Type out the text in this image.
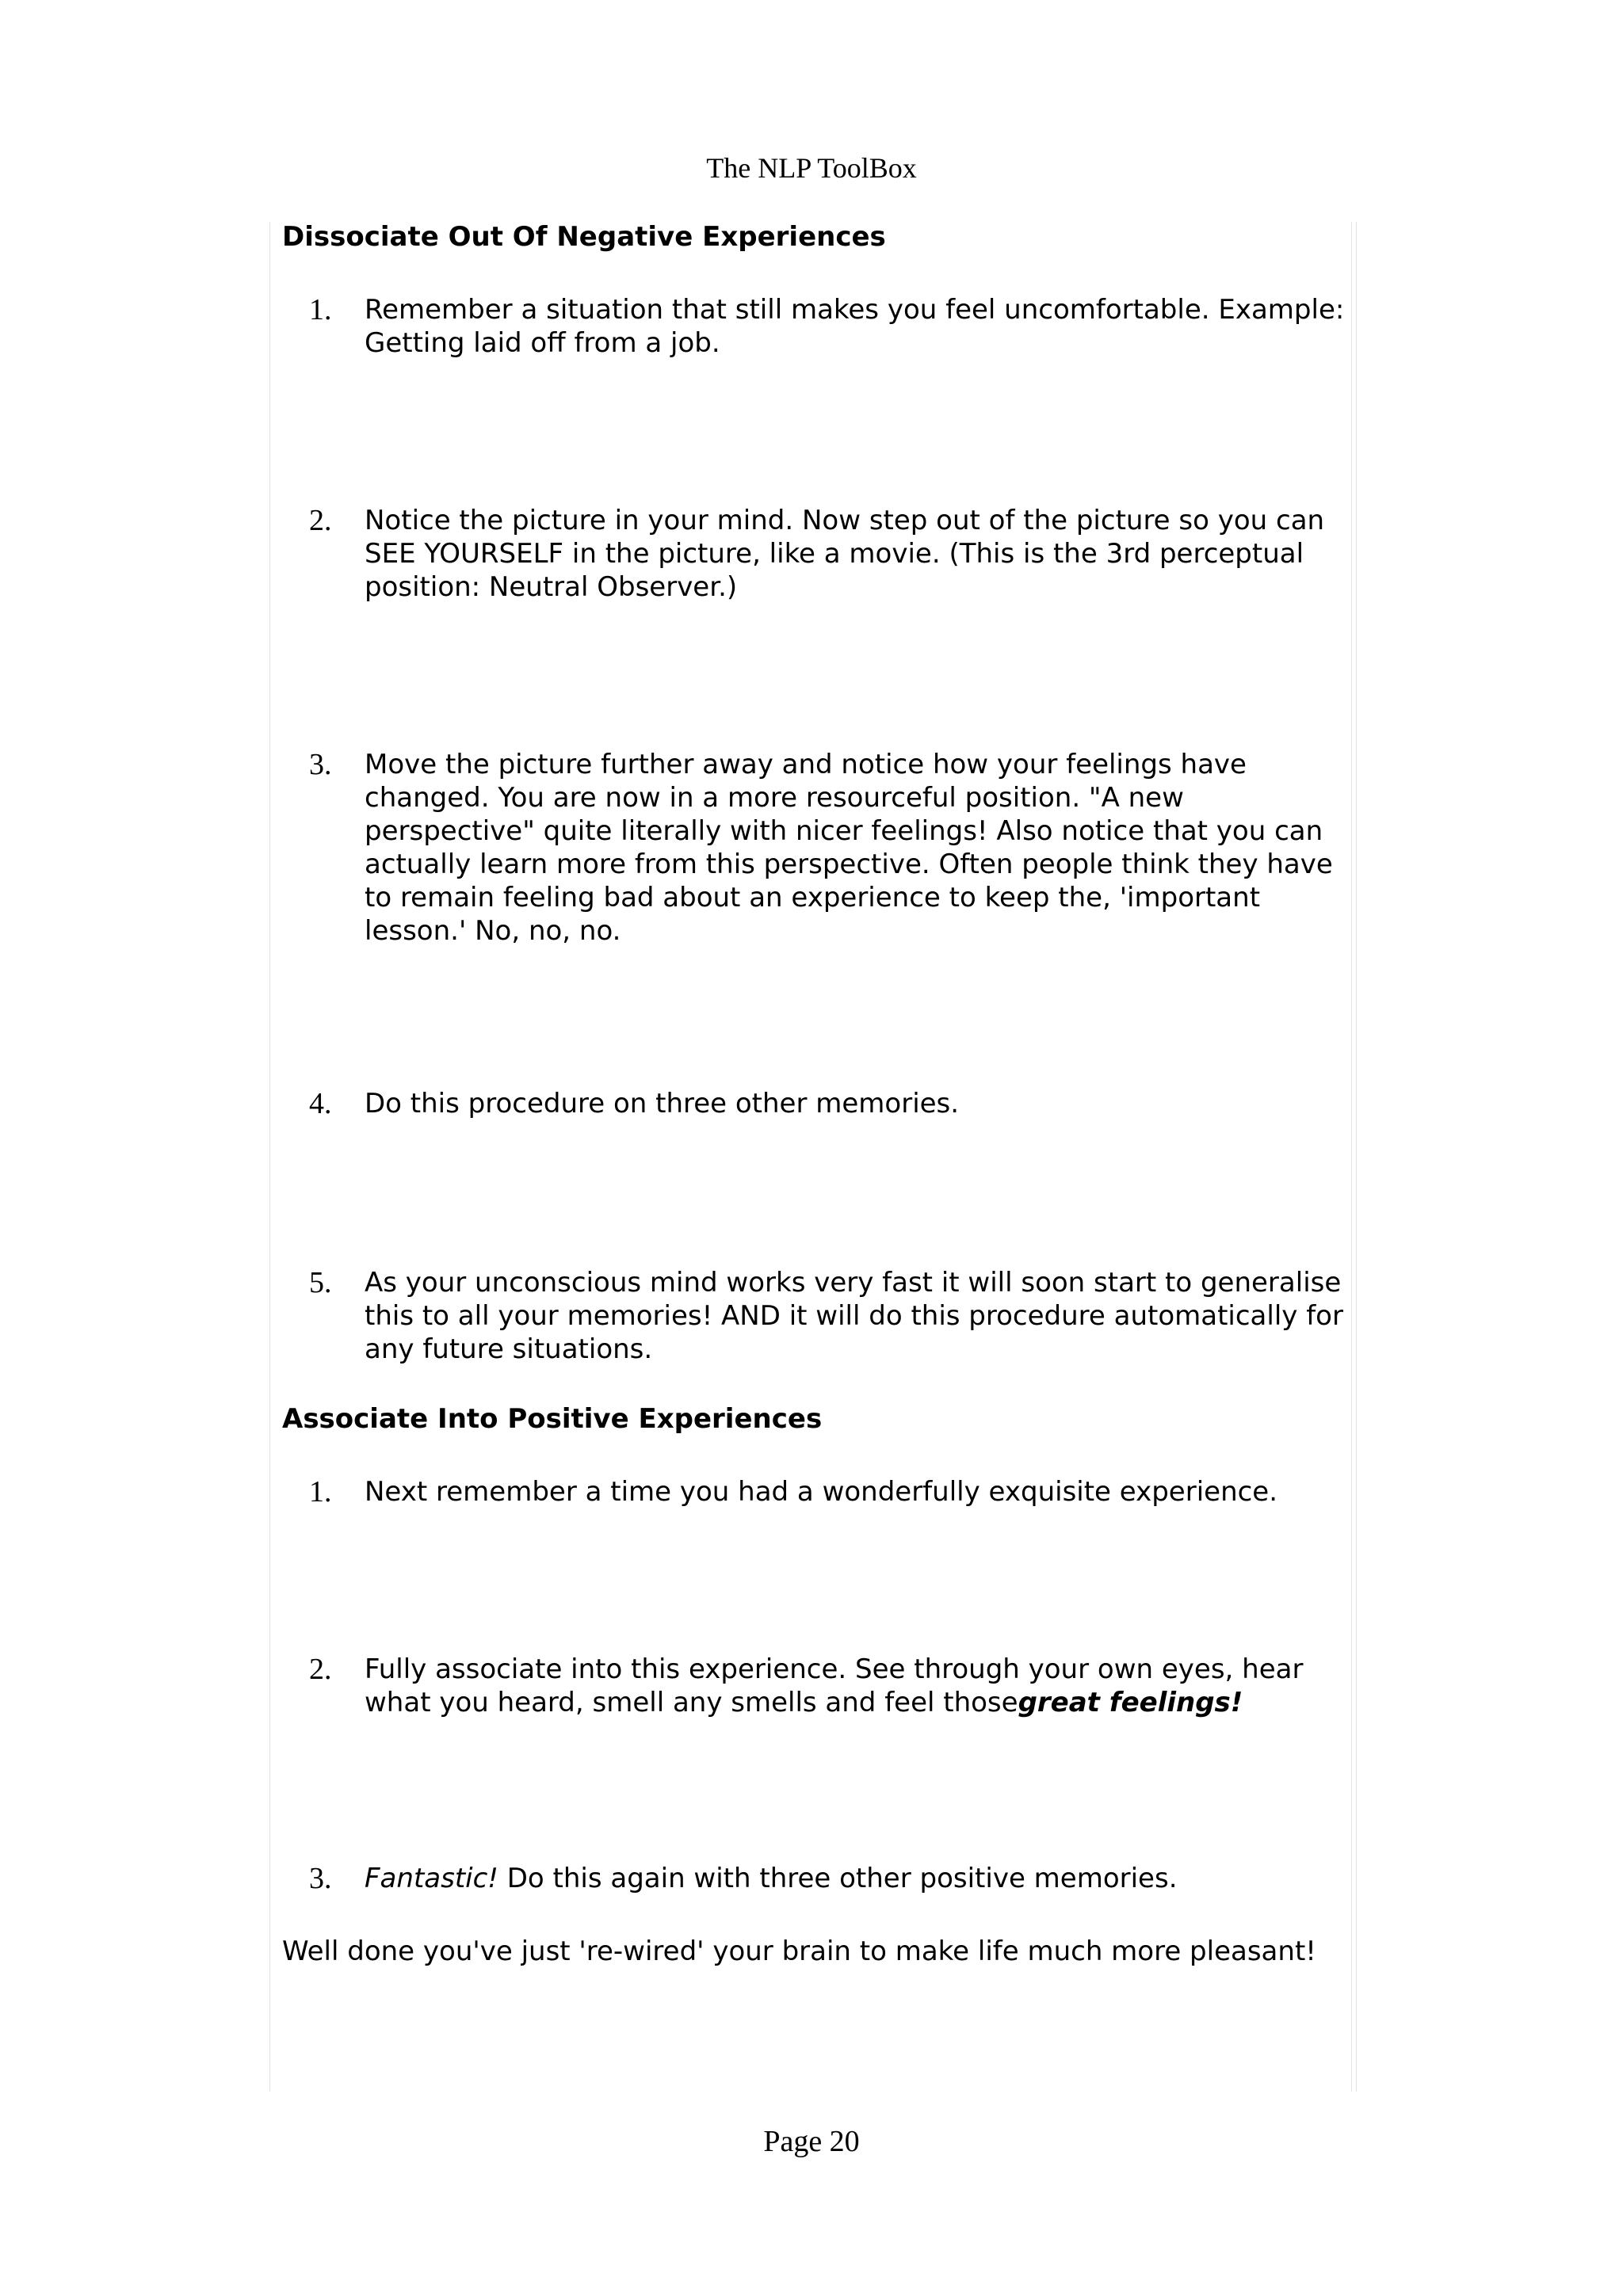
The NLP ToolBox
Dissociate Out Of Negative Experiences
1.	Remember a situation that still makes you feel uncomfortable. Example:
Getting laid off from a job.
2.	Notice the picture in your mind. Now step out of the picture so you can
SEE YOURSELF in the picture, like a movie. (This is the 3rd perceptual
position: Neutral Observer.)
3.	Move the picture further away and notice how your feelings have
changed. You are now in a more resourceful position. "A new
perspective" quite literally with nicer feelings! Also notice that you can
actually learn more from this perspective. Often people think they have
to remain feeling bad about an experience to keep the, 'important
lesson.' No, no, no.
4.	Do this procedure on three other memories.
5.	As your unconscious mind works very fast it will soon start to generalise
this to all your memories! AND it will do this procedure automatically for
any future situations.
Associate Into Positive Experiences
1.	Next remember a time you had a wonderfully exquisite experience.
2.	Fully associate into this experience. See through your own eyes, hear
what you heard, smell any smells and feel thosegreat feelings!
3.	Fantastic! Do this again with three other positive memories.
Well done you've just 're-wired' your brain to make life much more pleasant!
Page 20
